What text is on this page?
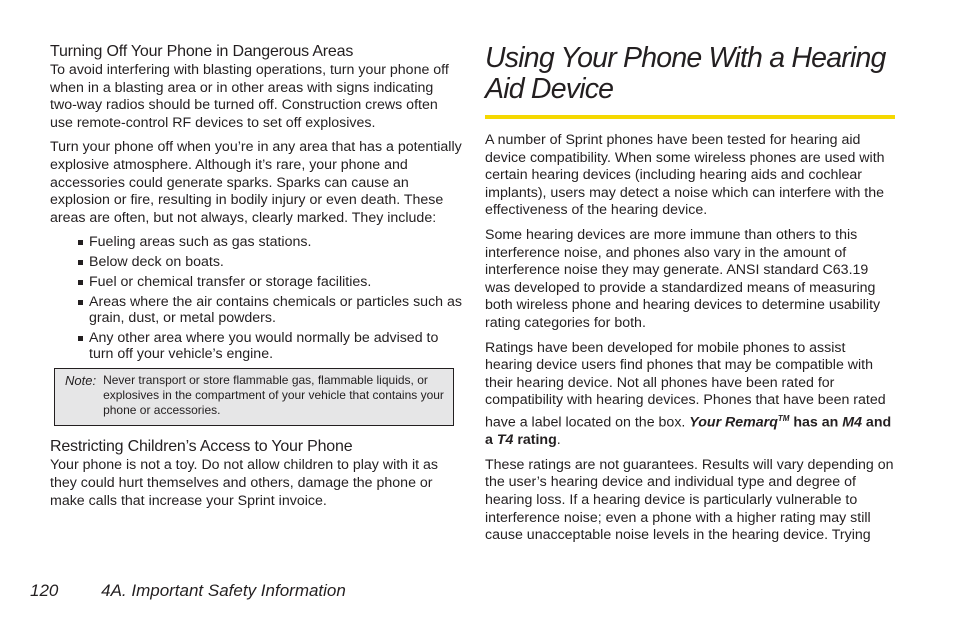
Turning Off Your Phone in Dangerous Areas

To avoid interfering with blasting operations, turn your phone off when in a blasting area or in other areas with signs indicating two-way radios should be turned off. Construction crews often use remote-control RF devices to set off explosives.

Turn your phone off when you’re in any area that has a potentially explosive atmosphere. Although it’s rare, your phone and accessories could generate sparks. Sparks can cause an explosion or fire, resulting in bodily injury or even death. These areas are often, but not always, clearly marked. They include:

Fueling areas such as gas stations.
Below deck on boats.
Fuel or chemical transfer or storage facilities.
Areas where the air contains chemicals or particles such as grain, dust, or metal powders.
Any other area where you would normally be advised to turn off your vehicle’s engine.
Note: Never transport or store flammable gas, flammable liquids, or explosives in the compartment of your vehicle that contains your phone or accessories.
Restricting Children’s Access to Your Phone

Your phone is not a toy. Do not allow children to play with it as they could hurt themselves and others, damage the phone or make calls that increase your Sprint invoice.

Using Your Phone With a Hearing Aid Device

A number of Sprint phones have been tested for hearing aid device compatibility. When some wireless phones are used with certain hearing devices (including hearing aids and cochlear implants), users may detect a noise which can interfere with the effectiveness of the hearing device.

Some hearing devices are more immune than others to this interference noise, and phones also vary in the amount of interference noise they may generate. ANSI standard C63.19 was developed to provide a standardized means of measuring both wireless phone and hearing devices to determine usability rating categories for both.

Ratings have been developed for mobile phones to assist hearing device users find phones that may be compatible with their hearing device. Not all phones have been rated for compatibility with hearing devices. Phones that have been rated have a label located on the box. Your Remarq™ has an M4 and a T4 rating.

These ratings are not guarantees. Results will vary depending on the user’s hearing device and individual type and degree of hearing loss. If a hearing device is particularly vulnerable to interference noise; even a phone with a higher rating may still cause unacceptable noise levels in the hearing device. Trying

120	4A. Important Safety Information
